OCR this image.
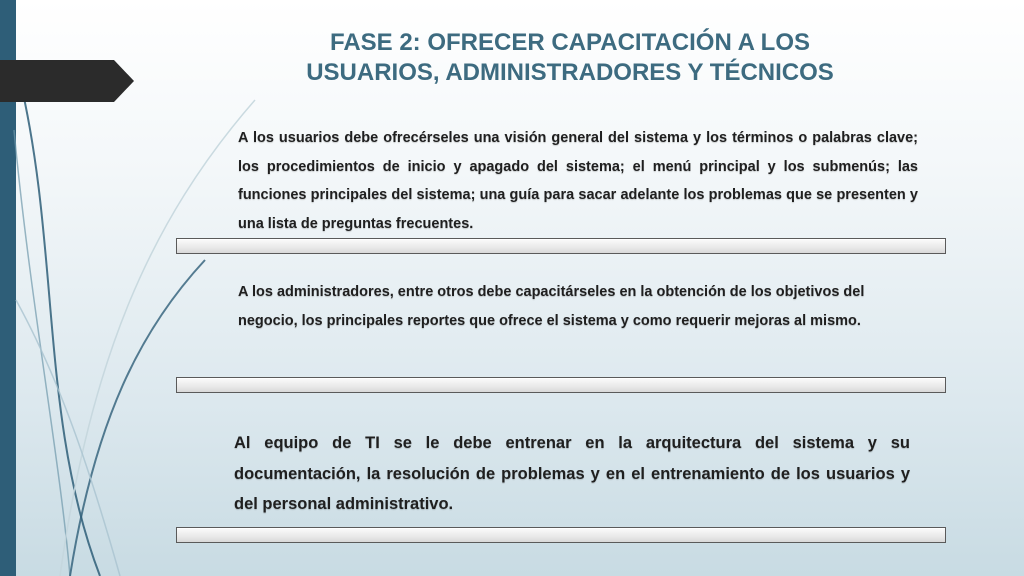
FASE 2: OFRECER CAPACITACIÓN A LOS
USUARIOS, ADMINISTRADORES Y TÉCNICOS

A los usuarios debe ofrecérseles una visión general del sistema y los términos o palabras clave; los procedimientos de inicio y apagado del sistema; el menú principal y los submenús; las funciones principales del sistema; una guía para sacar adelante los problemas que se presenten y una lista de preguntas frecuentes.

A los administradores, entre otros debe capacitárseles en la obtención de los objetivos del negocio, los principales reportes que ofrece el sistema y como requerir mejoras al mismo.

Al equipo de TI se le debe entrenar en la arquitectura del sistema y su documentación, la resolución de problemas y en el entrenamiento de los usuarios y del personal administrativo.
